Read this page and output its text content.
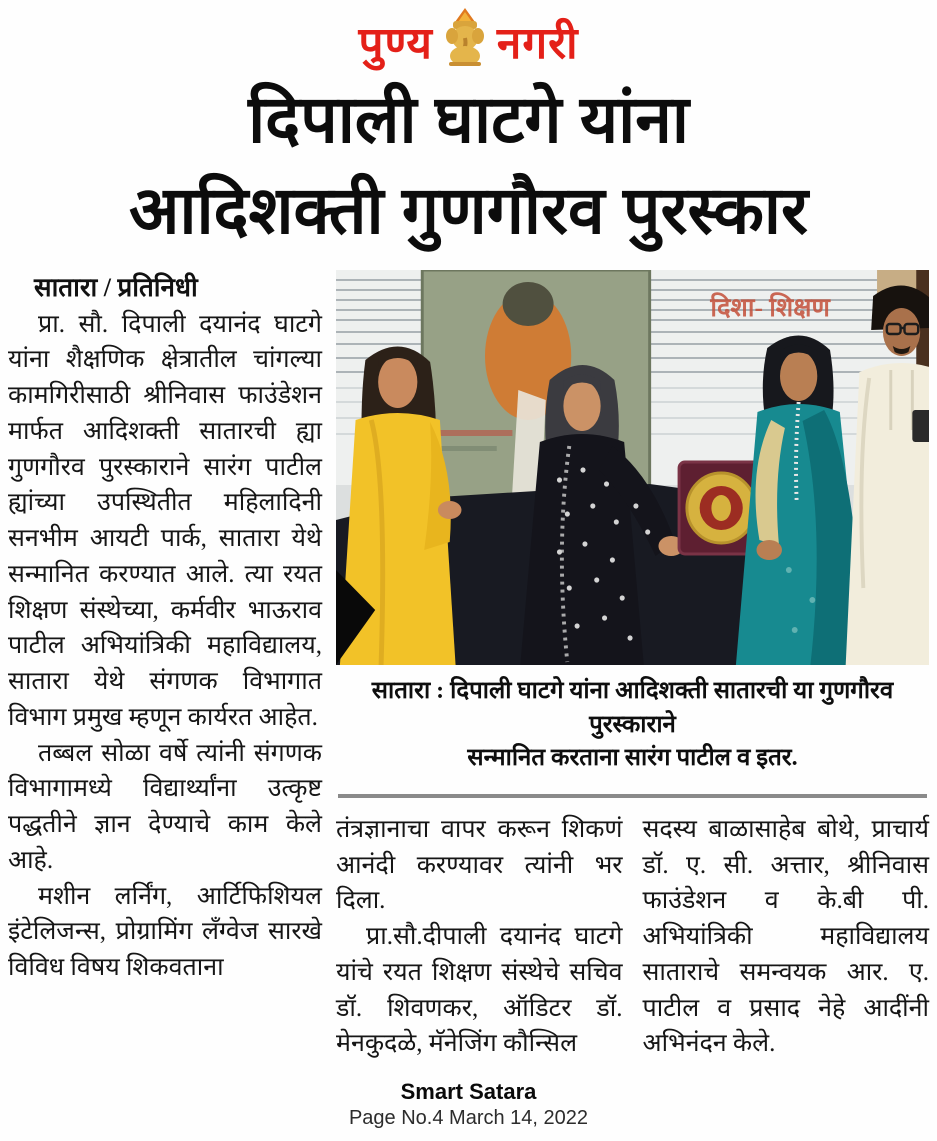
पुण्य नगरी
दिपाली घाटगे यांना
आदिशक्ती गुणगौरव पुरस्कार
सातारा / प्रतिनिधी

प्रा. सौ. दिपाली दयानंद घाटगे यांना शैक्षणिक क्षेत्रातील चांगल्या कामगिरीसाठी श्रीनिवास फाउंडेशन मार्फत आदिशक्ती सातारची ह्या गुणगौरव पुरस्काराने सारंग पाटील ह्यांच्या उपस्थितीत महिलादिनी सनभीम आयटी पार्क, सातारा येथे सन्मानित करण्यात आले. त्या रयत शिक्षण संस्थेच्या, कर्मवीर भाऊराव पाटील अभियांत्रिकी महाविद्यालय, सातारा येथे संगणक विभागात विभाग प्रमुख म्हणून कार्यरत आहेत.

तब्बल सोळा वर्षे त्यांनी संगणक विभागामध्ये विद्यार्थ्यांना उत्कृष्ट पद्धतीने ज्ञान देण्याचे काम केले आहे.

मशीन लर्निंग, आर्टिफिशियल इंटेलिजन्स, प्रोग्रामिंग लँग्वेज सारखे विविध विषय शिकवताना

दिशा- शिक्षण
सातारा : दिपाली घाटगे यांना आदिशक्ती सातारची या गुणगौरव पुरस्काराने
सन्मानित करताना सारंग पाटील व इतर.

तंत्रज्ञानाचा वापर करून शिकणं आनंदी करण्यावर त्यांनी भर दिला.

प्रा.सौ.दीपाली दयानंद घाटगे यांचे रयत शिक्षण संस्थेचे सचिव डॉ. शिवणकर, ऑडिटर डॉ. मेनकुदळे, मॅनेजिंग कौन्सिल

सदस्य बाळासाहेब बोथे, प्राचार्य डॉ. ए. सी. अत्तार, श्रीनिवास फाउंडेशन व के.बी पी. अभियांत्रिकी महाविद्यालय साताराचे समन्वयक आर. ए. पाटील व प्रसाद नेहे आदींनी अभिनंदन केले.

Smart Satara
Page No.4 March 14, 2022
